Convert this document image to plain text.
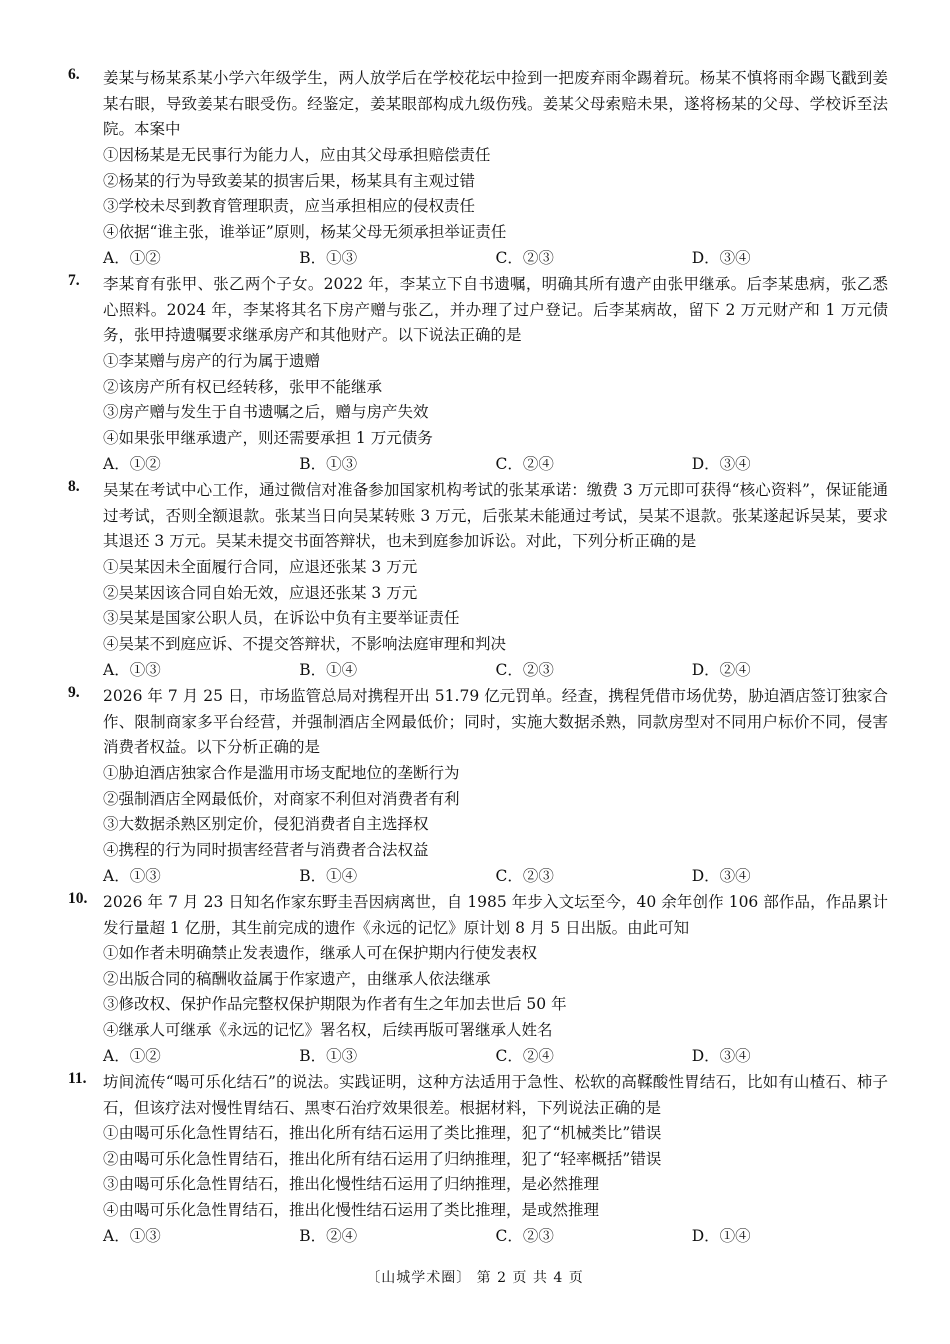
6. 姜某与杨某系某小学六年级学生，两人放学后在学校花坛中捡到一把废弃雨伞踢着玩。杨某不慎将雨伞踢飞戳到姜某右眼，导致姜某右眼受伤。经鉴定，姜某眼部构成九级伤残。姜某父母索赔未果，遂将杨某的父母、学校诉至法院。本案中
①因杨某是无民事行为能力人，应由其父母承担赔偿责任
②杨某的行为导致姜某的损害后果，杨某具有主观过错
③学校未尽到教育管理职责，应当承担相应的侵权责任
④依据“谁主张，谁举证”原则，杨某父母无须承担举证责任
A．①②	B．①③	C．②③	D．③④
7. 李某育有张甲、张乙两个子女。2022 年，李某立下自书遗嘱，明确其所有遗产由张甲继承。后李某患病，张乙悉心照料。2024 年，李某将其名下房产赠与张乙，并办理了过户登记。后李某病故，留下 2 万元财产和 1 万元债务，张甲持遗嘱要求继承房产和其他财产。以下说法正确的是
①李某赠与房产的行为属于遗赠
②该房产所有权已经转移，张甲不能继承
③房产赠与发生于自书遗嘱之后，赠与房产失效
④如果张甲继承遗产，则还需要承担 1 万元债务
A．①②	B．①③	C．②④	D．③④
8. 吴某在考试中心工作，通过微信对准备参加国家机构考试的张某承诺：缴费 3 万元即可获得“核心资料”，保证能通过考试，否则全额退款。张某当日向吴某转账 3 万元，后张某未能通过考试，吴某不退款。张某遂起诉吴某，要求其退还 3 万元。吴某未提交书面答辩状，也未到庭参加诉讼。对此，下列分析正确的是
①吴某因未全面履行合同，应退还张某 3 万元
②吴某因该合同自始无效，应退还张某 3 万元
③吴某是国家公职人员，在诉讼中负有主要举证责任
④吴某不到庭应诉、不提交答辩状，不影响法庭审理和判决
A．①③	B．①④	C．②③	D．②④
9. 2026 年 7 月 25 日，市场监管总局对携程开出 51.79 亿元罚单。经查，携程凭借市场优势，胁迫酒店签订独家合作、限制商家多平台经营，并强制酒店全网最低价；同时，实施大数据杀熟，同款房型对不同用户标价不同，侵害消费者权益。以下分析正确的是
①胁迫酒店独家合作是滥用市场支配地位的垄断行为
②强制酒店全网最低价，对商家不利但对消费者有利
③大数据杀熟区别定价，侵犯消费者自主选择权
④携程的行为同时损害经营者与消费者合法权益
A．①③	B．①④	C．②③	D．③④
10. 2026 年 7 月 23 日知名作家东野圭吾因病离世，自 1985 年步入文坛至今，40 余年创作 106 部作品，作品累计发行量超 1 亿册，其生前完成的遗作《永远的记忆》原计划 8 月 5 日出版。由此可知
①如作者未明确禁止发表遗作，继承人可在保护期内行使发表权
②出版合同的稿酬收益属于作家遗产，由继承人依法继承
③修改权、保护作品完整权保护期限为作者有生之年加去世后 50 年
④继承人可继承《永远的记忆》署名权，后续再版可署继承人姓名
A．①②	B．①③	C．②④	D．③④
11. 坊间流传“喝可乐化结石”的说法。实践证明，这种方法适用于急性、松软的高鞣酸性胃结石，比如有山楂石、柿子石，但该疗法对慢性胃结石、黑枣石治疗效果很差。根据材料，下列说法正确的是
①由喝可乐化急性胃结石，推出化所有结石运用了类比推理，犯了“机械类比”错误
②由喝可乐化急性胃结石，推出化所有结石运用了归纳推理，犯了“轻率概括”错误
③由喝可乐化急性胃结石，推出化慢性结石运用了归纳推理，是必然推理
④由喝可乐化急性胃结石，推出化慢性结石运用了类比推理，是或然推理
A．①③	B．②④	C．②③	D．①④
〔山城学术圈〕 第 2 页 共 4 页
